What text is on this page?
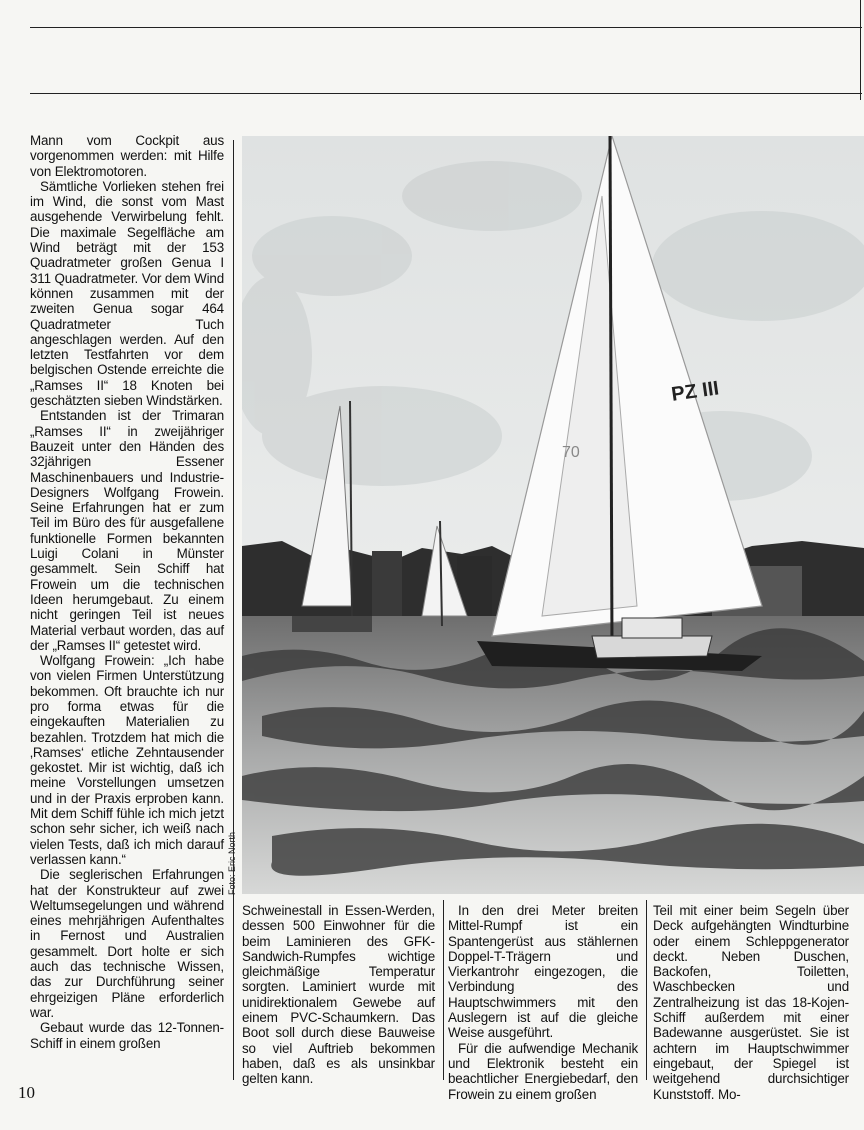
Mann vom Cockpit aus vorgenommen werden: mit Hilfe von Elektromotoren.

Sämtliche Vorlieken stehen frei im Wind, die sonst vom Mast ausgehende Verwirbelung fehlt. Die maximale Segelfläche am Wind beträgt mit der 153 Quadratmeter großen Genua I 311 Quadratmeter. Vor dem Wind können zusammen mit der zweiten Genua sogar 464 Quadratmeter Tuch angeschlagen werden. Auf den letzten Testfahrten vor dem belgischen Ostende erreichte die „Ramses II“ 18 Knoten bei geschätzten sieben Windstärken.

Entstanden ist der Trimaran „Ramses II“ in zweijähriger Bauzeit unter den Händen des 32jährigen Essener Maschinenbauers und Industrie-Designers Wolfgang Frowein. Seine Erfahrungen hat er zum Teil im Büro des für ausgefallene funktionelle Formen bekannten Luigi Colani in Münster gesammelt. Sein Schiff hat Frowein um die technischen Ideen herumgebaut. Zu einem nicht geringen Teil ist neues Material verbaut worden, das auf der „Ramses II“ getestet wird.

Wolfgang Frowein: „Ich habe von vielen Firmen Unterstützung bekommen. Oft brauchte ich nur pro forma etwas für die eingekauften Materialien zu bezahlen. Trotzdem hat mich die ‚Ramses‘ etliche Zehntausender gekostet. Mir ist wichtig, daß ich meine Vorstellungen umsetzen und in der Praxis erproben kann. Mit dem Schiff fühle ich mich jetzt schon sehr sicher, ich weiß nach vielen Tests, daß ich mich darauf verlassen kann.“

Die seglerischen Erfahrungen hat der Konstrukteur auf zwei Weltumsegelungen und während eines mehrjährigen Aufenthaltes in Fernost und Australien gesammelt. Dort holte er sich auch das technische Wissen, das zur Durchführung seiner ehrgeizigen Pläne erforderlich war.

Gebaut wurde das 12-Tonnen-Schiff in einem großen

PZ III
70
Foto: Eric North

Schweinestall in Essen-Werden, dessen 500 Einwohner für die beim Laminieren des GFK-Sandwich-Rumpfes wichtige gleichmäßige Temperatur sorgten. Laminiert wurde mit unidirektionalem Gewebe auf einem PVC-Schaumkern. Das Boot soll durch diese Bauweise so viel Auftrieb bekommen haben, daß es als unsinkbar gelten kann.

In den drei Meter breiten Mittel-Rumpf ist ein Spantengerüst aus stählernen Doppel-T-Trägern und Vierkantrohr eingezogen, die Verbindung des Hauptschwimmers mit den Auslegern ist auf die gleiche Weise ausgeführt.

Für die aufwendige Mechanik und Elektronik besteht ein beachtlicher Energiebedarf, den Frowein zu einem großen

Teil mit einer beim Segeln über Deck aufgehängten Windturbine oder einem Schleppgenerator deckt. Neben Duschen, Backofen, Toiletten, Waschbecken und Zentralheizung ist das 18-Kojen-Schiff außerdem mit einer Badewanne ausgerüstet. Sie ist achtern im Hauptschwimmer eingebaut, der Spiegel ist weitgehend durchsichtiger Kunststoff. Mo-

10
